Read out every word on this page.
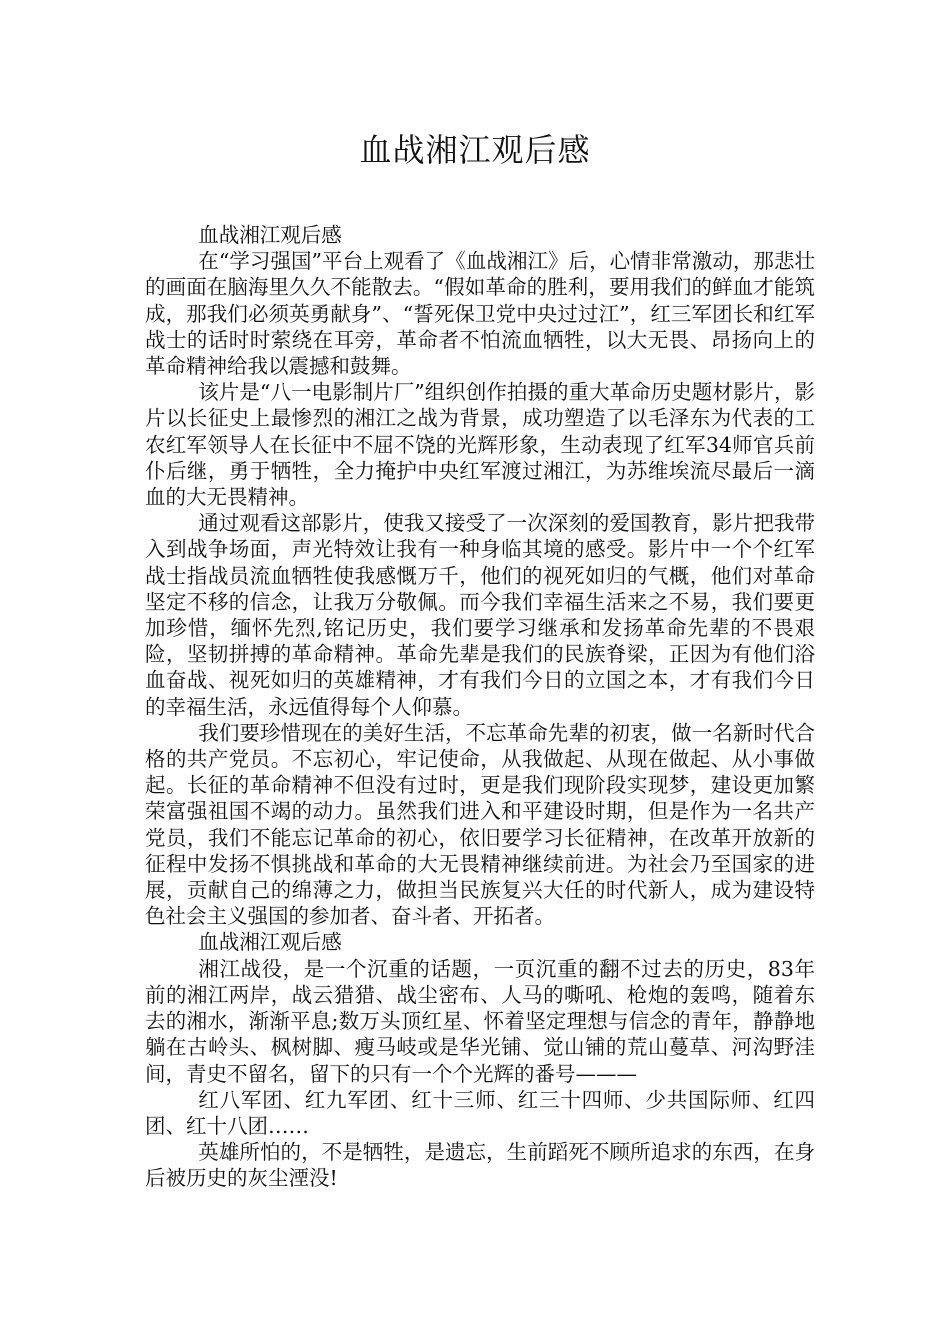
血战湘江观后感

血战湘江观后感

在“学习强国”平台上观看了《血战湘江》后，心情非常激动，那悲壮的画面在脑海里久久不能散去。“假如革命的胜利，要用我们的鲜血才能筑成，那我们必须英勇献身”、“誓死保卫党中央过过江”，红三军团长和红军战士的话时时萦绕在耳旁，革命者不怕流血牺牲，以大无畏、昂扬向上的革命精神给我以震撼和鼓舞。

该片是“八一电影制片厂”组织创作拍摄的重大革命历史题材影片，影片以长征史上最惨烈的湘江之战为背景，成功塑造了以毛泽东为代表的工农红军领导人在长征中不屈不饶的光辉形象，生动表现了红军34师官兵前仆后继，勇于牺牲，全力掩护中央红军渡过湘江，为苏维埃流尽最后一滴血的大无畏精神。

通过观看这部影片，使我又接受了一次深刻的爱国教育，影片把我带入到战争场面，声光特效让我有一种身临其境的感受。影片中一个个红军战士指战员流血牺牲使我感慨万千，他们的视死如归的气概，他们对革命坚定不移的信念，让我万分敬佩。而今我们幸福生活来之不易，我们要更加珍惜，缅怀先烈,铭记历史，我们要学习继承和发扬革命先辈的不畏艰险，坚韧拼搏的革命精神。革命先辈是我们的民族脊梁，正因为有他们浴血奋战、视死如归的英雄精神，才有我们今日的立国之本，才有我们今日的幸福生活，永远值得每个人仰慕。

我们要珍惜现在的美好生活，不忘革命先辈的初衷，做一名新时代合格的共产党员。不忘初心，牢记使命，从我做起、从现在做起、从小事做起。长征的革命精神不但没有过时，更是我们现阶段实现梦，建设更加繁荣富强祖国不竭的动力。虽然我们进入和平建设时期，但是作为一名共产党员，我们不能忘记革命的初心，依旧要学习长征精神，在改革开放新的征程中发扬不惧挑战和革命的大无畏精神继续前进。为社会乃至国家的进展，贡献自己的绵薄之力，做担当民族复兴大任的时代新人，成为建设特色社会主义强国的参加者、奋斗者、开拓者。

血战湘江观后感

湘江战役，是一个沉重的话题，一页沉重的翻不过去的历史，83年前的湘江两岸，战云猎猎、战尘密布、人马的嘶吼、枪炮的轰鸣，随着东去的湘水，渐渐平息;数万头顶红星、怀着坚定理想与信念的青年，静静地躺在古岭头、枫树脚、瘦马岐或是华光铺、觉山铺的荒山蔓草、河沟野洼间，青史不留名，留下的只有一个个光辉的番号———

红八军团、红九军团、红十三师、红三十四师、少共国际师、红四团、红十八团……

英雄所怕的，不是牺牲，是遗忘，生前蹈死不顾所追求的东西，在身后被历史的灰尘湮没!
